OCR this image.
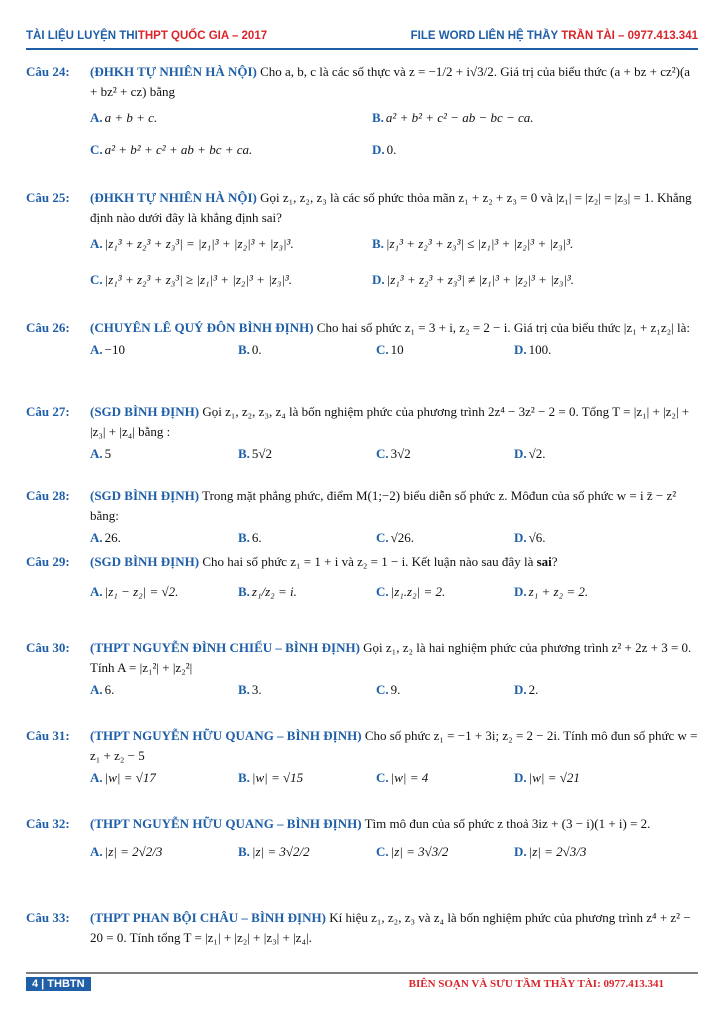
TÀI LIỆU LUYỆN THITHPT QUỐC GIA – 2017	FILE WORD LIÊN HỆ THẦY TRẦN TÀI – 0977.413.341
Câu 24:	(ĐHKH TỰ NHIÊN HÀ NỘI) Cho a, b, c là các số thực và z = −1/2 + i√3/2. Giá trị của biểu thức (a + bz + cz²)(a + bz² + cz) bằng
A. a + b + c.	B. a² + b² + c² − ab − bc − ca.
C. a² + b² + c² + ab + bc + ca.	D. 0.
Câu 25:	(ĐHKH TỰ NHIÊN HÀ NỘI) Gọi z₁, z₂, z₃ là các số phức thỏa mãn z₁ + z₂ + z₃ = 0 và |z₁| = |z₂| = |z₃| = 1. Khẳng định nào dưới đây là khẳng định sai?
A. |z₁³ + z₂³ + z₃³| = |z₁|³ + |z₂|³ + |z₃|³.	B. |z₁³ + z₂³ + z₃³| ≤ |z₁|³ + |z₂|³ + |z₃|³.
C. |z₁³ + z₂³ + z₃³| ≥ |z₁|³ + |z₂|³ + |z₃|³.	D. |z₁³ + z₂³ + z₃³| ≠ |z₁|³ + |z₂|³ + |z₃|³.
Câu 26:	(CHUYÊN LÊ QUÝ ĐÔN BÌNH ĐỊNH) Cho hai số phức z₁ = 3 + i, z₂ = 2 − i. Giá trị của biểu thức |z₁ + z₁z₂| là:
A. −10	B. 0.	C. 10	D. 100.
Câu 27:	(SGD BÌNH ĐỊNH) Gọi z₁, z₂, z₃, z₄ là bốn nghiệm phức của phương trình 2z⁴ − 3z² − 2 = 0. Tổng T = |z₁| + |z₂| + |z₃| + |z₄| bằng :
A. 5	B. 5√2	C. 3√2	D. √2.
Câu 28:	(SGD BÌNH ĐỊNH) Trong mặt phẳng phức, điểm M(1;−2) biểu diễn số phức z. Môđun của số phức w = i z̄ − z² bằng:
A. 26.	B. 6.	C. √26.	D. √6.
Câu 29:	(SGD BÌNH ĐỊNH) Cho hai số phức z₁ = 1 + i và z₂ = 1 − i. Kết luận nào sau đây là sai?
A. |z₁ − z₂| = √2.	B. z₁/z₂ = i.	C. |z₁.z₂| = 2.	D. z₁ + z₂ = 2.
Câu 30:	(THPT NGUYỄN ĐÌNH CHIỂU – BÌNH ĐỊNH) Gọi z₁, z₂ là hai nghiệm phức của phương trình z² + 2z + 3 = 0. Tính A = |z₁²| + |z₂²|
A. 6.	B. 3.	C. 9.	D. 2.
Câu 31:	(THPT NGUYỄN HỮU QUANG – BÌNH ĐỊNH) Cho số phức z₁ = −1 + 3i; z₂ = 2 − 2i. Tính mô đun số phức w = z₁ + z₂ − 5
A. |w| = √17	B. |w| = √15	C. |w| = 4	D. |w| = √21
Câu 32:	(THPT NGUYỄN HỮU QUANG – BÌNH ĐỊNH) Tìm mô đun của số phức z thoả 3iz + (3 − i)(1 + i) = 2.
A. |z| = 2√2/3	B. |z| = 3√2/2	C. |z| = 3√3/2	D. |z| = 2√3/3
Câu 33:	(THPT PHAN BỘI CHÂU – BÌNH ĐỊNH) Kí hiệu z₁, z₂, z₃ và z₄ là bốn nghiệm phức của phương trình z⁴ + z² − 20 = 0. Tính tổng T = |z₁| + |z₂| + |z₃| + |z₄|.
4 | THBTN	BIÊN SOẠN VÀ SƯU TẦM THẦY TÀI: 0977.413.341
